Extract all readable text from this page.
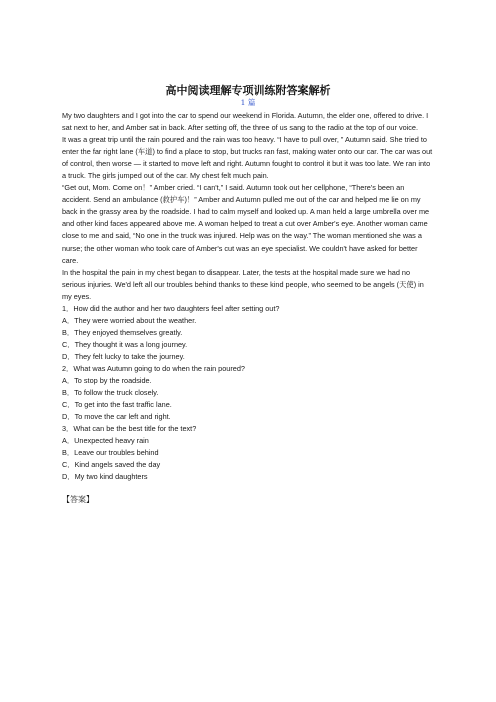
高中阅读理解专项训练附答案解析
1 篇

My two daughters and I got into the car to spend our weekend in Florida. Autumn, the elder one, offered to drive. I sat next to her, and Amber sat in back. After setting off, the three of us sang to the radio at the top of our voice.

It was a great trip until the rain poured and the rain was too heavy. “I have to pull over, ” Autumn said. She tried to enter the far right lane (车道) to find a place to stop, but trucks ran fast, making water onto our car. The car was out of control, then worse — it started to move left and right. Autumn fought to control it but it was too late. We ran into a truck. The girls jumped out of the car. My chest felt much pain.

“Get out, Mom. Come on！” Amber cried. “I can't,” I said. Autumn took out her cellphone, “There's been an accident. Send an ambulance (救护车)！” Amber and Autumn pulled me out of the car and helped me lie on my back in the grassy area by the roadside. I had to calm myself and looked up. A man held a large umbrella over me and other kind faces appeared above me. A woman helped to treat a cut over Amber's eye. Another woman came close to me and said, “No one in the truck was injured. Help was on the way.” The woman mentioned she was a nurse; the other woman who took care of Amber's cut was an eye specialist. We couldn't have asked for better care.

In the hospital the pain in my chest began to disappear. Later, the tests at the hospital made sure we had no serious injuries. We'd left all our troubles behind thanks to these kind people, who seemed to be angels (天使) in my eyes.

1．How did the author and her two daughters feel after setting out?

A．They were worried about the weather.

B．They enjoyed themselves greatly.

C．They thought it was a long journey.

D．They felt lucky to take the journey.

2．What was Autumn going to do when the rain poured?

A．To stop by the roadside.

B．To follow the truck closely.

C．To get into the fast traffic lane.

D．To move the car left and right.

3．What can be the best title for the text?

A．Unexpected heavy rain

B．Leave our troubles behind

C．Kind angels saved the day

D．My two kind daughters

【答案】
